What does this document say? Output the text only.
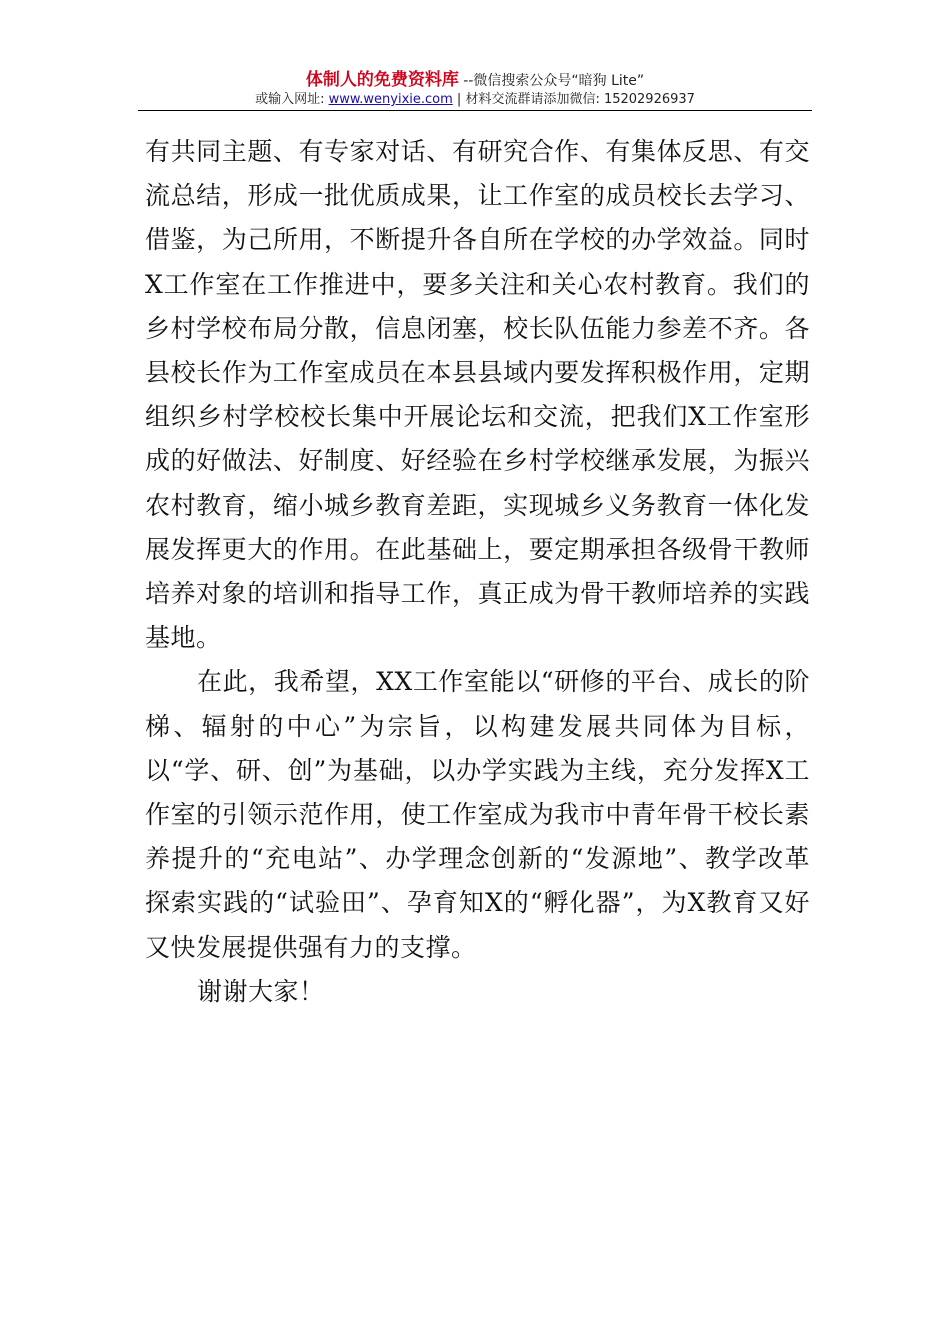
体制人的免费资料库 --微信搜索公众号“暗狗 Lite”
或输入网址: www.wenyixie.com | 材料交流群请添加微信: 15202926937

有共同主题、有专家对话、有研究合作、有集体反思、有交流总结，形成一批优质成果，让工作室的成员校长去学习、借鉴，为己所用，不断提升各自所在学校的办学效益。同时X工作室在工作推进中，要多关注和关心农村教育。我们的乡村学校布局分散，信息闭塞，校长队伍能力参差不齐。各县校长作为工作室成员在本县县域内要发挥积极作用，定期组织乡村学校校长集中开展论坛和交流，把我们X工作室形成的好做法、好制度、好经验在乡村学校继承发展，为振兴农村教育，缩小城乡教育差距，实现城乡义务教育一体化发展发挥更大的作用。在此基础上，要定期承担各级骨干教师培养对象的培训和指导工作，真正成为骨干教师培养的实践基地。

在此，我希望，XX工作室能以“研修的平台、成长的阶梯、辐射的中心”为宗旨，以构建发展共同体为目标，以“学、研、创”为基础，以办学实践为主线，充分发挥X工作室的引领示范作用，使工作室成为我市中青年骨干校长素养提升的“充电站”、办学理念创新的“发源地”、教学改革探索实践的“试验田”、孕育知X的“孵化器”，为X教育又好又快发展提供强有力的支撑。

谢谢大家！
